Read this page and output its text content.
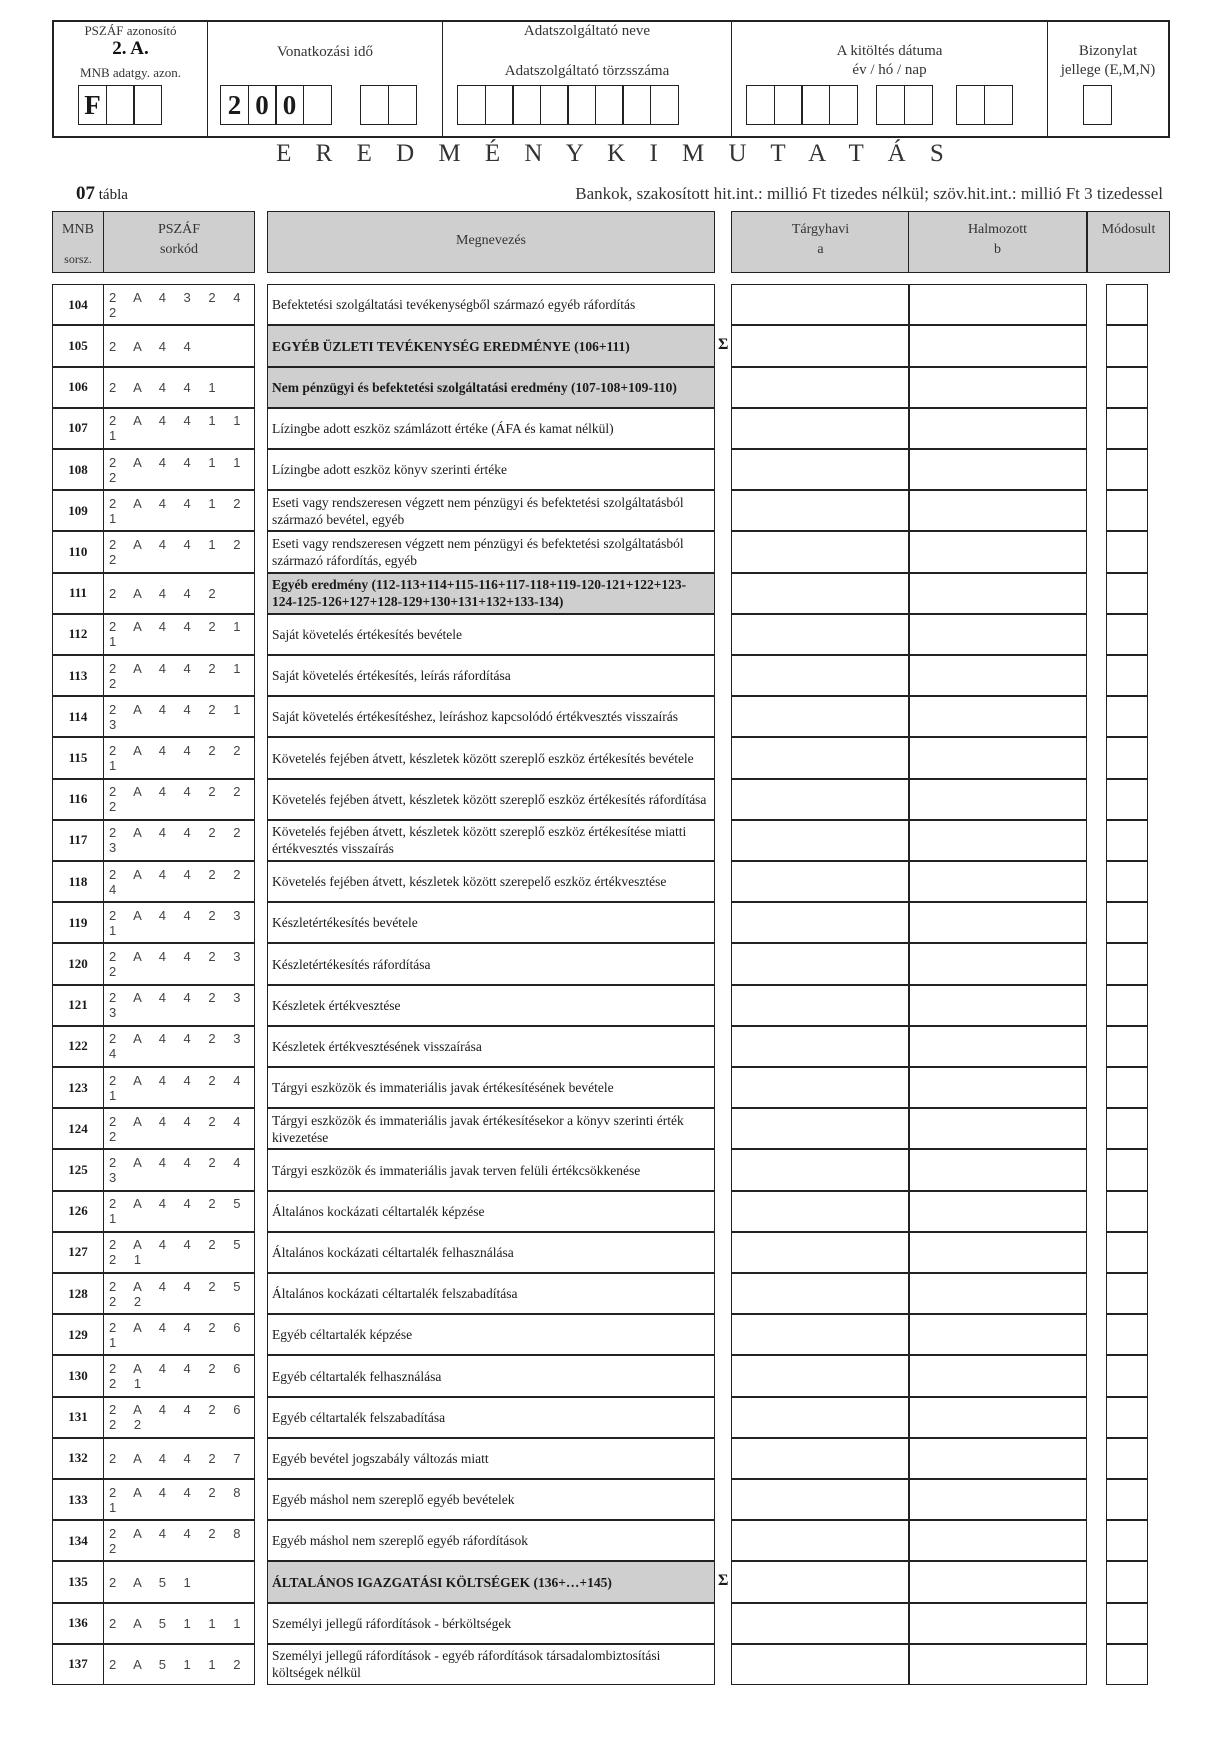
PSZÁF azonosító
2. A.
MNB adatgy. azon.
F
Vonatkozási idő
2 0 0
Adatszolgáltató neve
Adatszolgáltató törzsszáma
A kitöltés dátuma
év / hó / nap
Bizonylat
jellege (E,M,N)
E R E D M É N Y K I M U T A T Á S
07 tábla	Bankok, szakosított hit.int.: millió Ft tizedes nélkül; szöv.hit.int.: millió Ft 3 tizedessel
MNB
sorsz.
PSZÁF
sorkód
Megnevezés
Tárgyhavi
a
Halmozott
b
Módosult
104	2 A 4 3 2 4 2	Befektetési szolgáltatási tevékenységből származó egyéb ráfordítás
105	2 A 4 4	EGYÉB ÜZLETI TEVÉKENYSÉG EREDMÉNYE (106+111)	Σ
106	2 A 4 4 1	Nem pénzügyi és befektetési szolgáltatási eredmény (107-108+109-110)
107	2 A 4 4 1 1 1	Lízingbe adott eszköz számlázott értéke (ÁFA és kamat nélkül)
108	2 A 4 4 1 1 2	Lízingbe adott eszköz könyv szerinti értéke
109	2 A 4 4 1 2 1
Eseti vagy rendszeresen végzett nem pénzügyi és befektetési szolgáltatásból származó bevétel, egyéb
110	2 A 4 4 1 2 2
Eseti vagy rendszeresen végzett nem pénzügyi és befektetési szolgáltatásból származó ráfordítás, egyéb
111	2 A 4 4 2
Egyéb eredmény (112-113+114+115-116+117-118+119-120-121+122+123-124-125-126+127+128-129+130+131+132+133-134)
112	2 A 4 4 2 1 1	Saját követelés értékesítés bevétele
113	2 A 4 4 2 1 2	Saját követelés értékesítés, leírás ráfordítása
114	2 A 4 4 2 1 3	Saját követelés értékesítéshez, leíráshoz kapcsolódó értékvesztés visszaírás
115	2 A 4 4 2 2 1	Követelés fejében átvett, készletek között szereplő eszköz értékesítés bevétele
116	2 A 4 4 2 2 2	Követelés fejében átvett, készletek között szereplő eszköz értékesítés ráfordítása
117	2 A 4 4 2 2 3
Követelés fejében átvett, készletek között szereplő eszköz értékesítése miatti értékvesztés visszaírás
118	2 A 4 4 2 2 4	Követelés fejében átvett, készletek között szerepelő eszköz értékvesztése
119	2 A 4 4 2 3 1	Készletértékesítés bevétele
120	2 A 4 4 2 3 2	Készletértékesítés ráfordítása
121	2 A 4 4 2 3 3	Készletek értékvesztése
122	2 A 4 4 2 3 4	Készletek értékvesztésének visszaírása
123	2 A 4 4 2 4 1	Tárgyi eszközök és immateriális javak értékesítésének bevétele
124	2 A 4 4 2 4 2
Tárgyi eszközök és immateriális javak értékesítésekor a könyv szerinti érték kivezetése
125	2 A 4 4 2 4 3	Tárgyi eszközök és immateriális javak terven felüli értékcsökkenése
126	2 A 4 4 2 5 1	Általános kockázati céltartalék képzése
127	2 A 4 4 2 5 2 1	Általános kockázati céltartalék felhasználása
128	2 A 4 4 2 5 2 2	Általános kockázati céltartalék felszabadítása
129	2 A 4 4 2 6 1	Egyéb céltartalék képzése
130	2 A 4 4 2 6 2 1	Egyéb céltartalék felhasználása
131	2 A 4 4 2 6 2 2	Egyéb céltartalék felszabadítása
132	2 A 4 4 2 7	Egyéb bevétel jogszabály változás miatt
133	2 A 4 4 2 8 1	Egyéb máshol nem szereplő egyéb bevételek
134	2 A 4 4 2 8 2	Egyéb máshol nem szereplő egyéb ráfordítások
135	2 A 5 1	ÁLTALÁNOS IGAZGATÁSI KÖLTSÉGEK (136+…+145)	Σ
136	2 A 5 1 1 1	Személyi jellegű ráfordítások - bérköltségek
137	2 A 5 1 1 2
Személyi jellegű ráfordítások - egyéb ráfordítások társadalombiztosítási költségek nélkül
